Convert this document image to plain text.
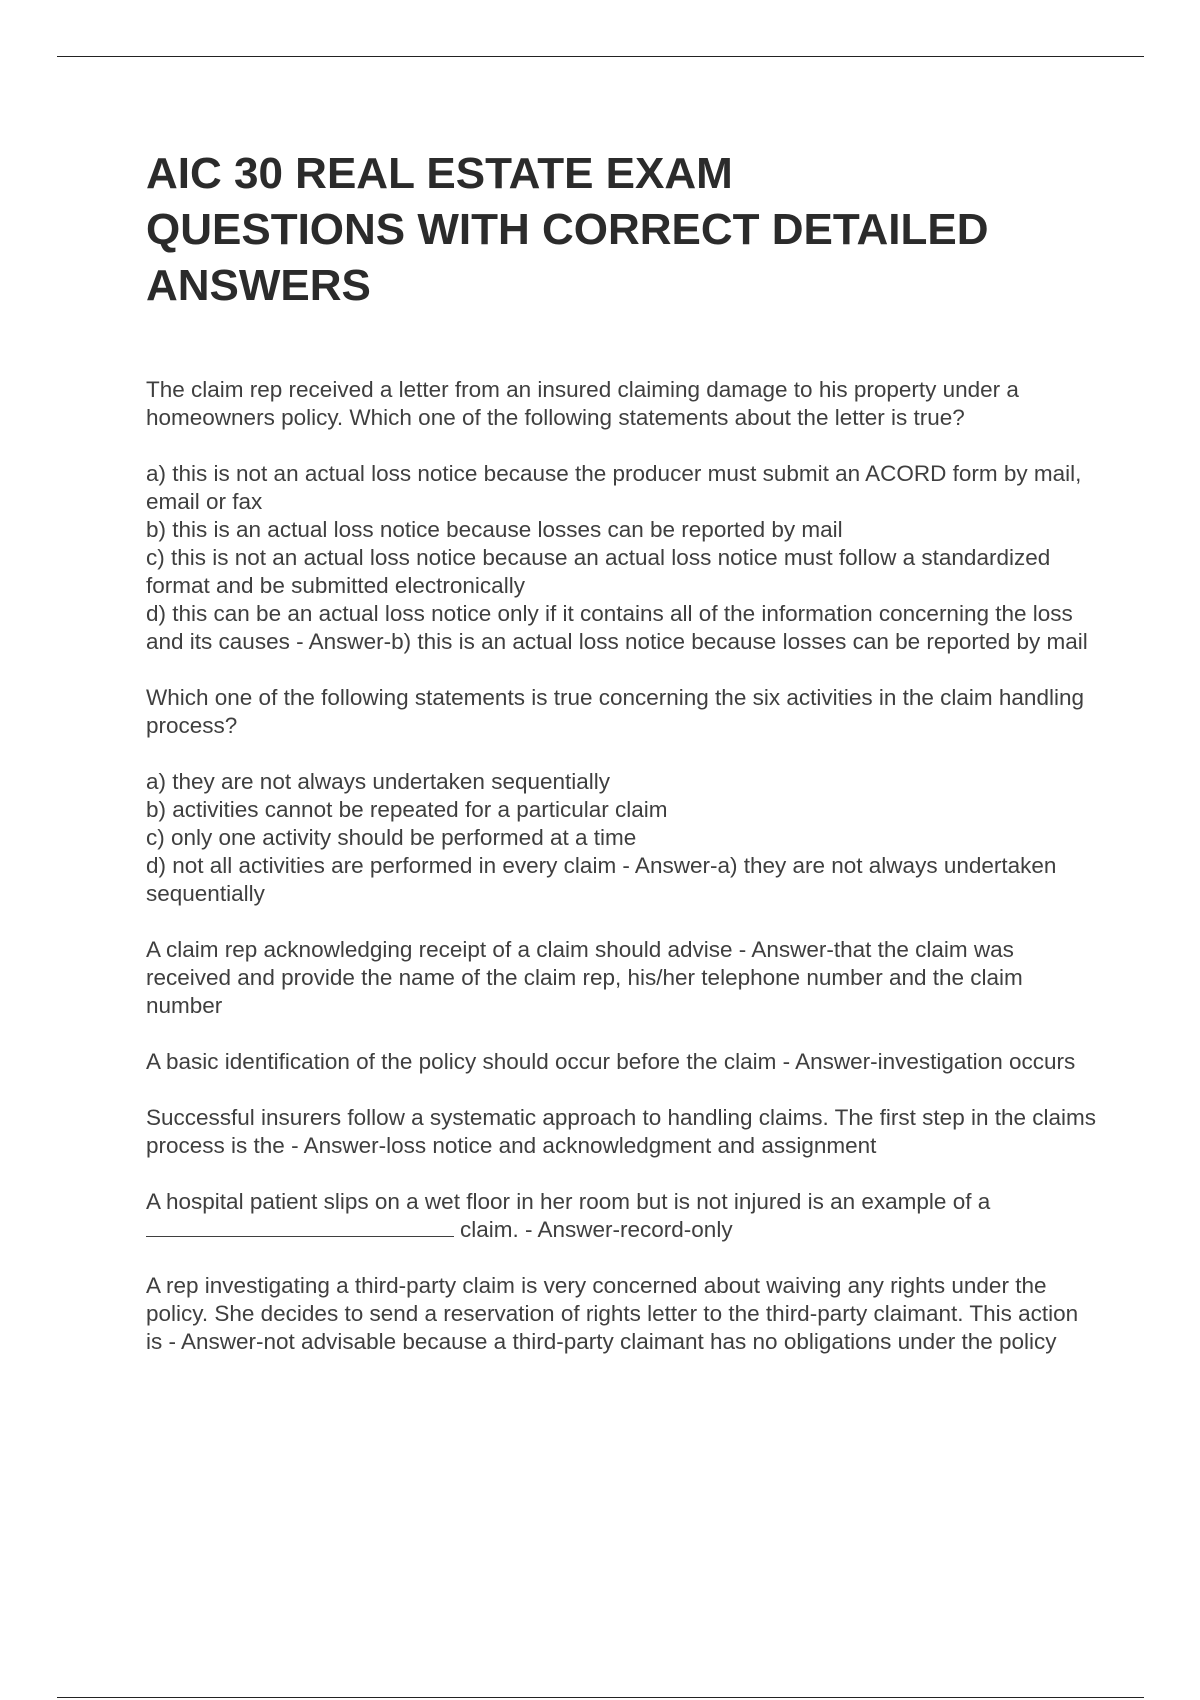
AIC 30 REAL ESTATE EXAM
QUESTIONS WITH CORRECT DETAILED
ANSWERS

The claim rep received a letter from an insured claiming damage to his property under a homeowners policy. Which one of the following statements about the letter is true?

a) this is not an actual loss notice because the producer must submit an ACORD form by mail, email or fax

b) this is an actual loss notice because losses can be reported by mail

c) this is not an actual loss notice because an actual loss notice must follow a standardized format and be submitted electronically

d) this can be an actual loss notice only if it contains all of the information concerning the loss and its causes - Answer-b) this is an actual loss notice because losses can be reported by mail

Which one of the following statements is true concerning the six activities in the claim handling process?

a) they are not always undertaken sequentially

b) activities cannot be repeated for a particular claim

c) only one activity should be performed at a time

d) not all activities are performed in every claim - Answer-a) they are not always undertaken sequentially

A claim rep acknowledging receipt of a claim should advise - Answer-that the claim was received and provide the name of the claim rep, his/her telephone number and the claim number

A basic identification of the policy should occur before the claim - Answer-investigation occurs

Successful insurers follow a systematic approach to handling claims. The first step in the claims process is the - Answer-loss notice and acknowledgment and assignment

A hospital patient slips on a wet floor in her room but is not injured is an example of a

claim. - Answer-record-only

A rep investigating a third-party claim is very concerned about waiving any rights under the policy. She decides to send a reservation of rights letter to the third-party claimant. This action is - Answer-not advisable because a third-party claimant has no obligations under the policy
